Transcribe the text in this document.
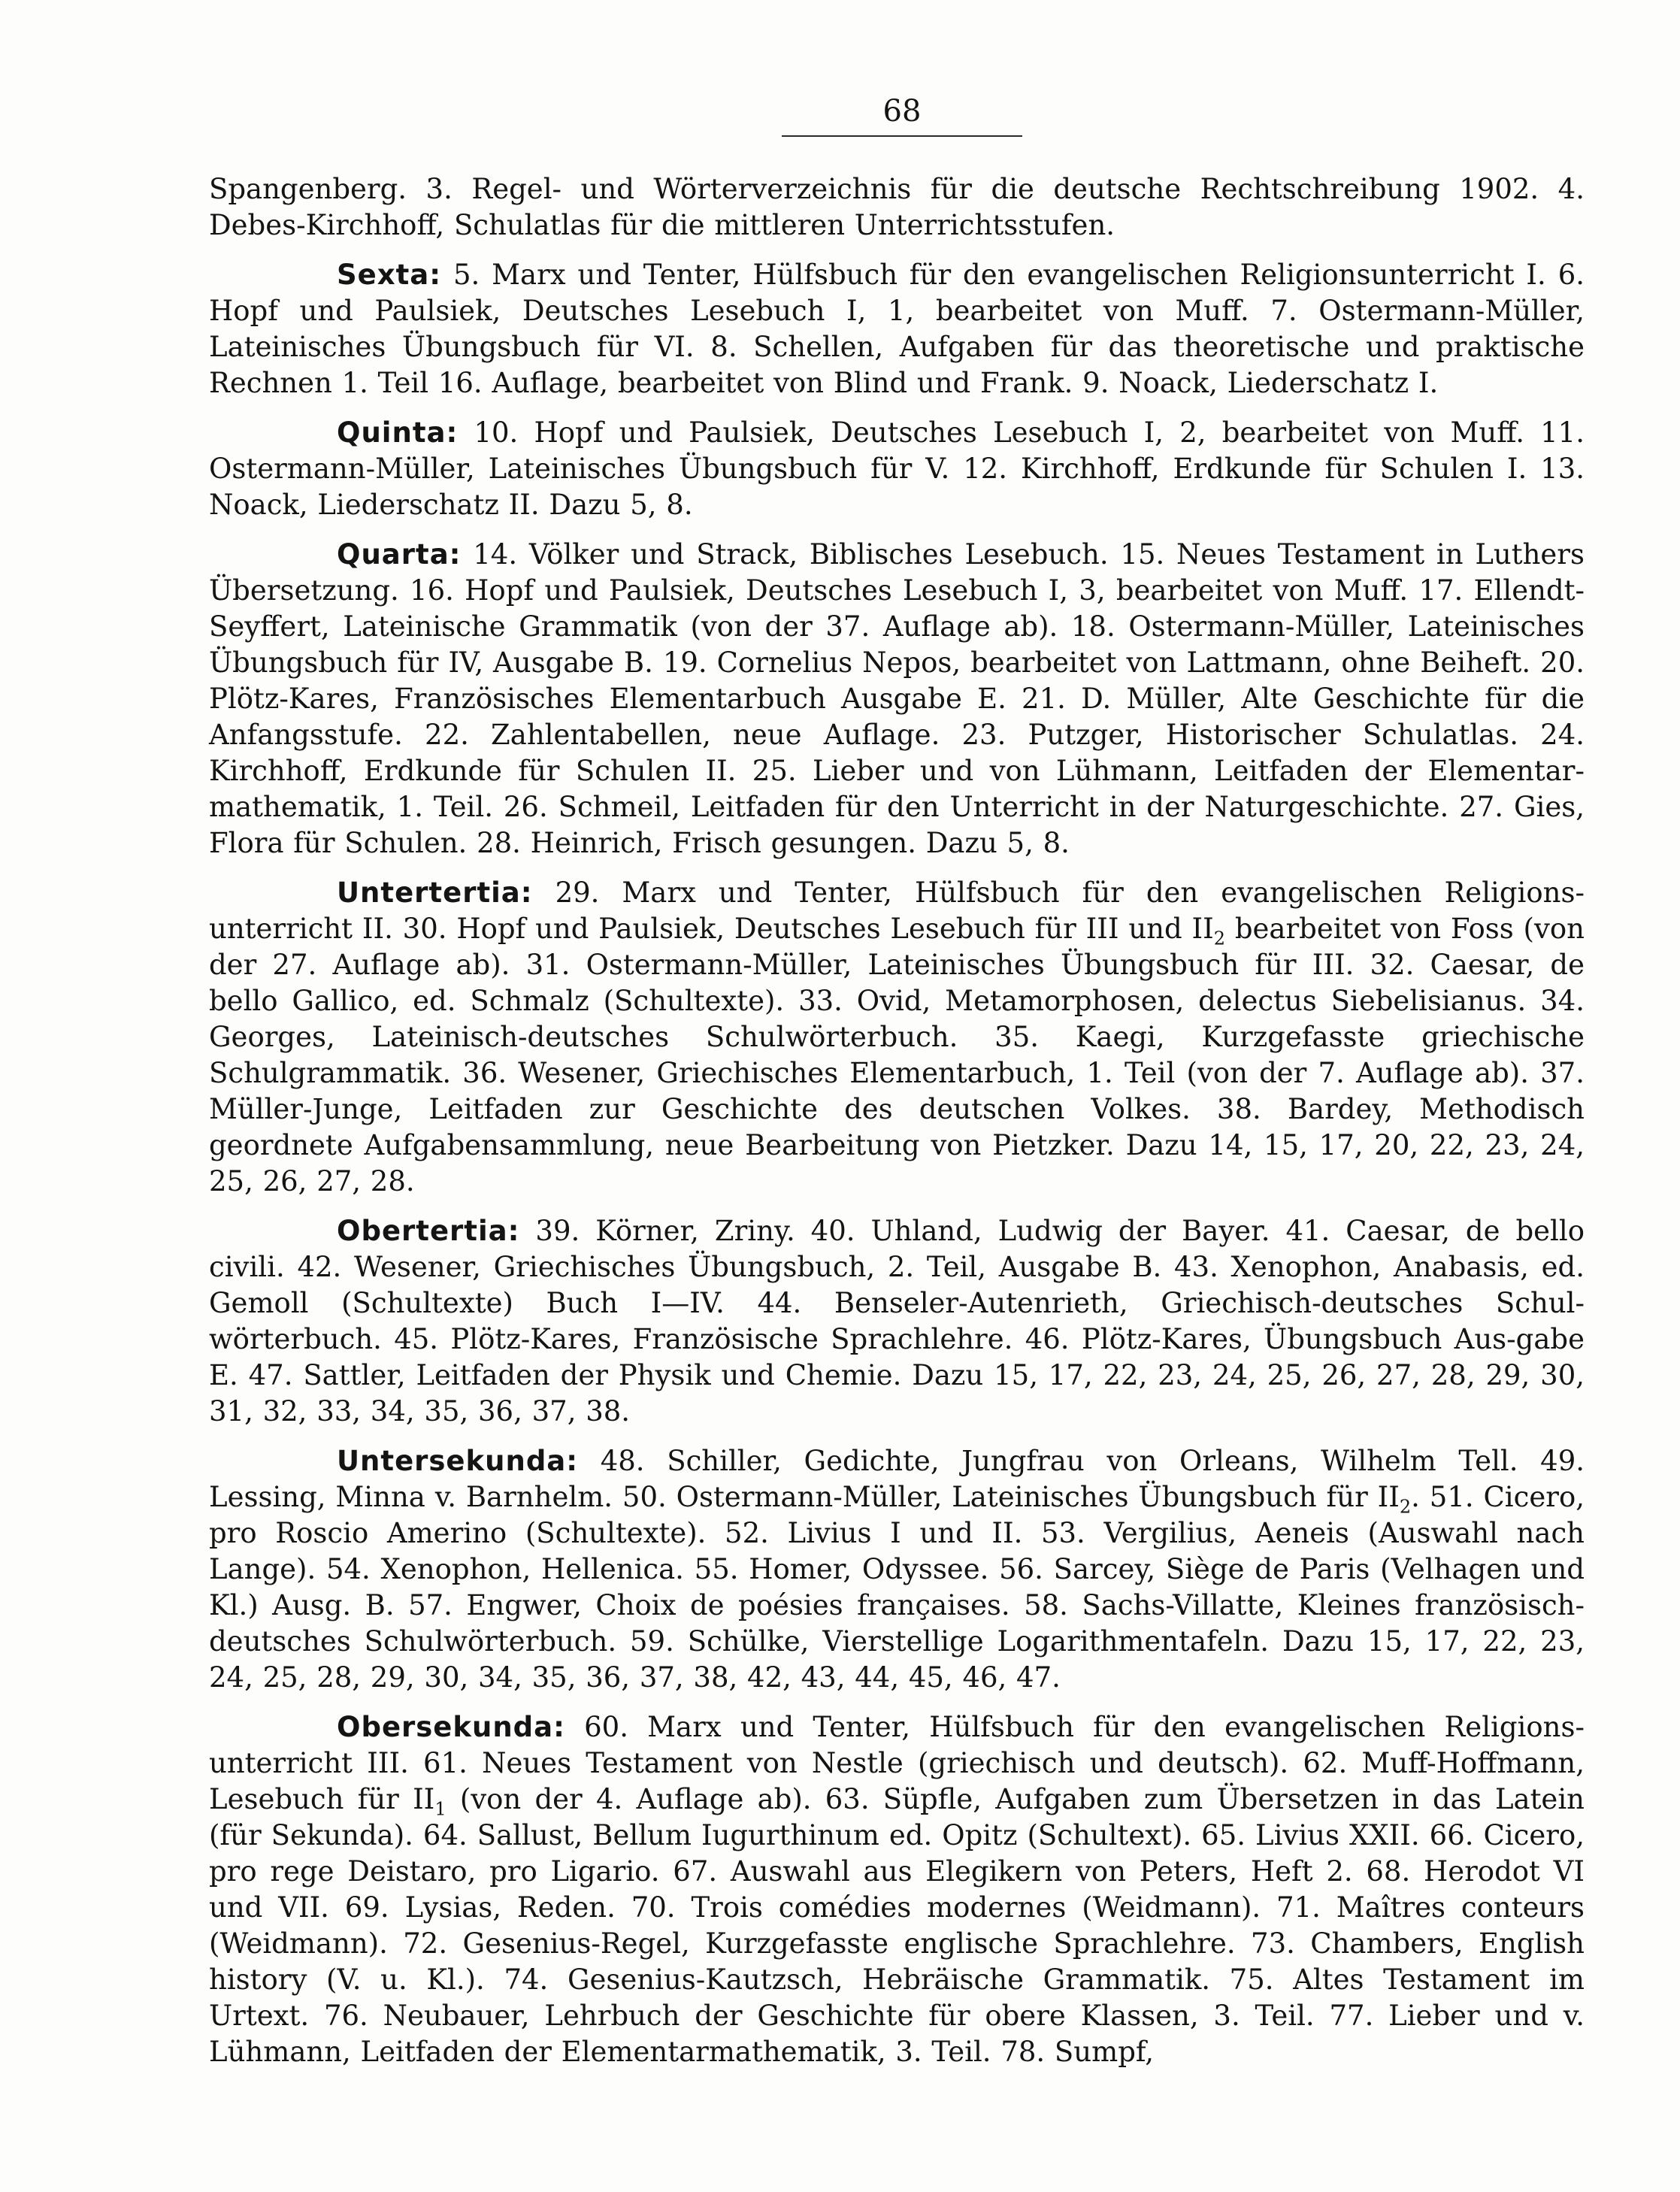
68

Spangenberg. 3. Regel- und Wörterverzeichnis für die deutsche Rechtschreibung 1902. 4. Debes-Kirchhoff, Schulatlas für die mittleren Unterrichtsstufen.

Sexta: 5. Marx und Tenter, Hülfsbuch für den evangelischen Religionsunterricht I. 6. Hopf und Paulsiek, Deutsches Lesebuch I, 1, bearbeitet von Muff. 7. Ostermann-Müller, Lateinisches Übungsbuch für VI. 8. Schellen, Aufgaben für das theoretische und praktische Rechnen 1. Teil 16. Auflage, bearbeitet von Blind und Frank. 9. Noack, Liederschatz I.

Quinta: 10. Hopf und Paulsiek, Deutsches Lesebuch I, 2, bearbeitet von Muff. 11. Ostermann-Müller, Lateinisches Übungsbuch für V. 12. Kirchhoff, Erdkunde für Schulen I. 13. Noack, Liederschatz II. Dazu 5, 8.

Quarta: 14. Völker und Strack, Biblisches Lesebuch. 15. Neues Testament in Luthers Übersetzung. 16. Hopf und Paulsiek, Deutsches Lesebuch I, 3, bearbeitet von Muff. 17. Ellendt-Seyffert, Lateinische Grammatik (von der 37. Auflage ab). 18. Ostermann-Müller, Lateinisches Übungsbuch für IV, Ausgabe B. 19. Cornelius Nepos, bearbeitet von Lattmann, ohne Beiheft. 20. Plötz-Kares, Französisches Elementarbuch Ausgabe E. 21. D. Müller, Alte Geschichte für die Anfangsstufe. 22. Zahlentabellen, neue Auflage. 23. Putzger, Historischer Schulatlas. 24. Kirchhoff, Erdkunde für Schulen II. 25. Lieber und von Lühmann, Leitfaden der Elementar-mathematik, 1. Teil. 26. Schmeil, Leitfaden für den Unterricht in der Naturgeschichte. 27. Gies, Flora für Schulen. 28. Heinrich, Frisch gesungen. Dazu 5, 8.

Untertertia: 29. Marx und Tenter, Hülfsbuch für den evangelischen Religions-unterricht II. 30. Hopf und Paulsiek, Deutsches Lesebuch für III und $II_2$ bearbeitet von Foss (von der 27. Auflage ab). 31. Ostermann-Müller, Lateinisches Übungsbuch für III. 32. Caesar, de bello Gallico, ed. Schmalz (Schultexte). 33. Ovid, Metamorphosen, delectus Siebelisianus. 34. Georges, Lateinisch-deutsches Schulwörterbuch. 35. Kaegi, Kurzgefasste griechische Schulgrammatik. 36. Wesener, Griechisches Elementarbuch, 1. Teil (von der 7. Auflage ab). 37. Müller-Junge, Leitfaden zur Geschichte des deutschen Volkes. 38. Bardey, Methodisch geordnete Aufgabensammlung, neue Bearbeitung von Pietzker. Dazu 14, 15, 17, 20, 22, 23, 24, 25, 26, 27, 28.

Obertertia: 39. Körner, Zriny. 40. Uhland, Ludwig der Bayer. 41. Caesar, de bello civili. 42. Wesener, Griechisches Übungsbuch, 2. Teil, Ausgabe B. 43. Xenophon, Anabasis, ed. Gemoll (Schultexte) Buch I—IV. 44. Benseler-Autenrieth, Griechisch-deutsches Schul-wörterbuch. 45. Plötz-Kares, Französische Sprachlehre. 46. Plötz-Kares, Übungsbuch Aus-gabe E. 47. Sattler, Leitfaden der Physik und Chemie. Dazu 15, 17, 22, 23, 24, 25, 26, 27, 28, 29, 30, 31, 32, 33, 34, 35, 36, 37, 38.

Untersekunda: 48. Schiller, Gedichte, Jungfrau von Orleans, Wilhelm Tell. 49. Lessing, Minna v. Barnhelm. 50. Ostermann-Müller, Lateinisches Übungsbuch für $II_2$. 51. Cicero, pro Roscio Amerino (Schultexte). 52. Livius I und II. 53. Vergilius, Aeneis (Auswahl nach Lange). 54. Xenophon, Hellenica. 55. Homer, Odyssee. 56. Sarcey, Siège de Paris (Velhagen und Kl.) Ausg. B. 57. Engwer, Choix de poésies françaises. 58. Sachs-Villatte, Kleines französisch-deutsches Schulwörterbuch. 59. Schülke, Vierstellige Logarithmentafeln. Dazu 15, 17, 22, 23, 24, 25, 28, 29, 30, 34, 35, 36, 37, 38, 42, 43, 44, 45, 46, 47.

Obersekunda: 60. Marx und Tenter, Hülfsbuch für den evangelischen Religions-unterricht III. 61. Neues Testament von Nestle (griechisch und deutsch). 62. Muff-Hoffmann, Lesebuch für $II_1$ (von der 4. Auflage ab). 63. Süpfle, Aufgaben zum Übersetzen in das Latein (für Sekunda). 64. Sallust, Bellum Iugurthinum ed. Opitz (Schultext). 65. Livius XXII. 66. Cicero, pro rege Deistaro, pro Ligario. 67. Auswahl aus Elegikern von Peters, Heft 2. 68. Herodot VI und VII. 69. Lysias, Reden. 70. Trois comédies modernes (Weidmann). 71. Maîtres conteurs (Weidmann). 72. Gesenius-Regel, Kurzgefasste englische Sprachlehre. 73. Chambers, English history (V. u. Kl.). 74. Gesenius-Kautzsch, Hebräische Grammatik. 75. Altes Testament im Urtext. 76. Neubauer, Lehrbuch der Geschichte für obere Klassen, 3. Teil. 77. Lieber und v. Lühmann, Leitfaden der Elementarmathematik, 3. Teil. 78. Sumpf,
